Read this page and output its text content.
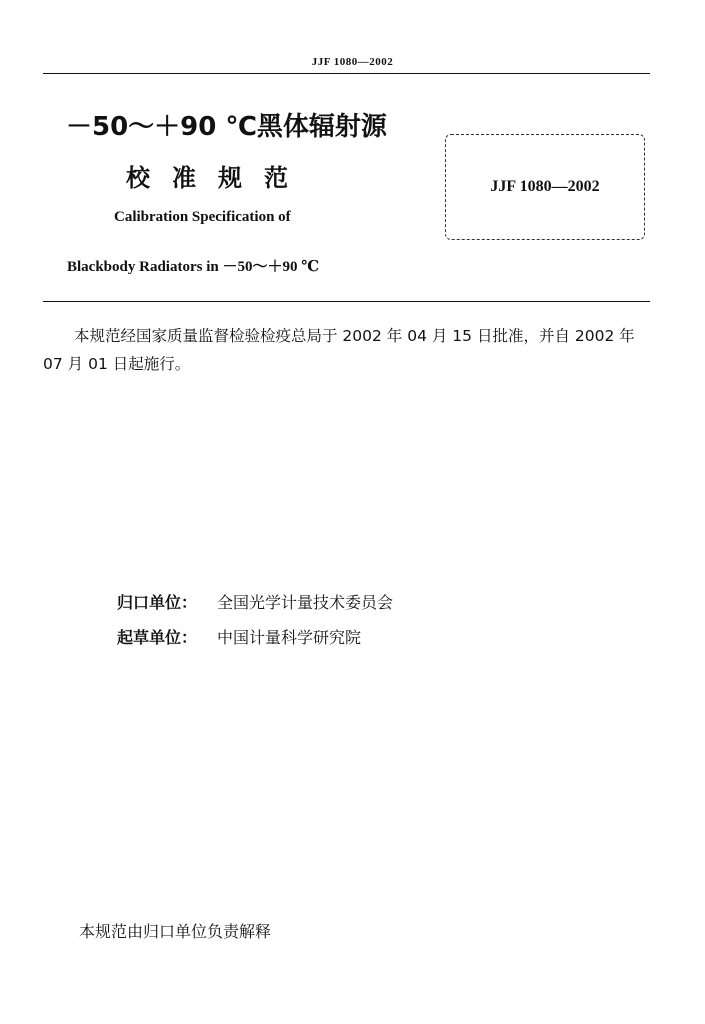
JJF 1080—2002
－50～＋90 ℃黑体辐射源
校准规范
Calibration Specification of
Blackbody Radiators in －50～＋90 ℃
JJF 1080—2002

本规范经国家质量监督检验检疫总局于 2002 年 04 月 15 日批准，并自 2002 年 07 月 01 日起施行。

归口单位： 全国光学计量技术委员会
起草单位： 中国计量科学研究院
本规范由归口单位负责解释
